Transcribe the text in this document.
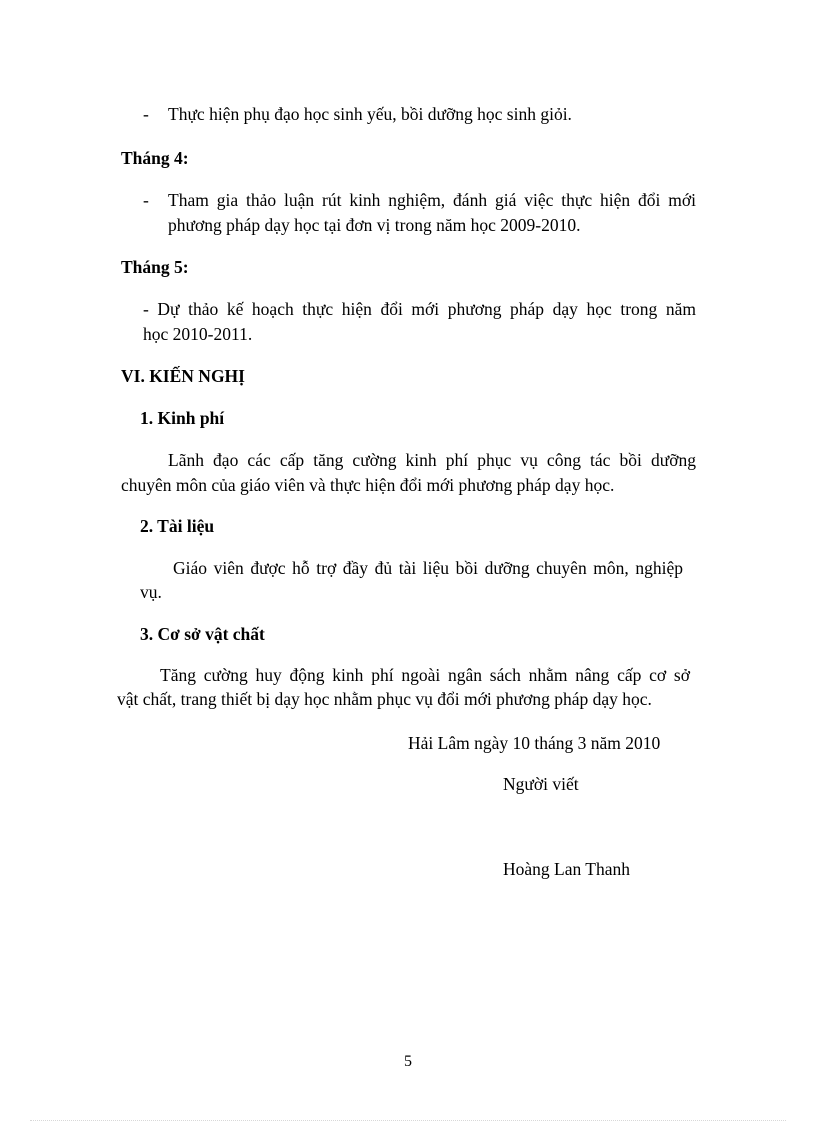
- Thực hiện phụ đạo học sinh yếu, bồi dưỡng học sinh giỏi.
Tháng 4:
- Tham gia thảo luận rút kinh nghiệm, đánh giá việc thực hiện đổi mới
phương pháp dạy học tại đơn vị trong năm học 2009-2010.
Tháng 5:
- Dự thảo kế hoạch thực hiện đổi mới phương pháp dạy học trong năm
học 2010-2011.
VI. KIẾN NGHỊ
1. Kinh phí
Lãnh đạo các cấp tăng cường kinh phí phục vụ công tác bồi dưỡng
chuyên môn của giáo viên và thực hiện đổi mới phương pháp dạy học.
2. Tài liệu
Giáo viên được hỗ trợ đầy đủ tài liệu bồi dưỡng chuyên môn, nghiệp
vụ.
3. Cơ sở vật chất
Tăng cường huy động kinh phí ngoài ngân sách nhằm nâng cấp cơ sở
vật chất, trang thiết bị dạy học nhằm phục vụ đổi mới phương pháp dạy học.
Hải Lâm ngày 10 tháng 3 năm 2010
Người viết
Hoàng Lan Thanh
5
